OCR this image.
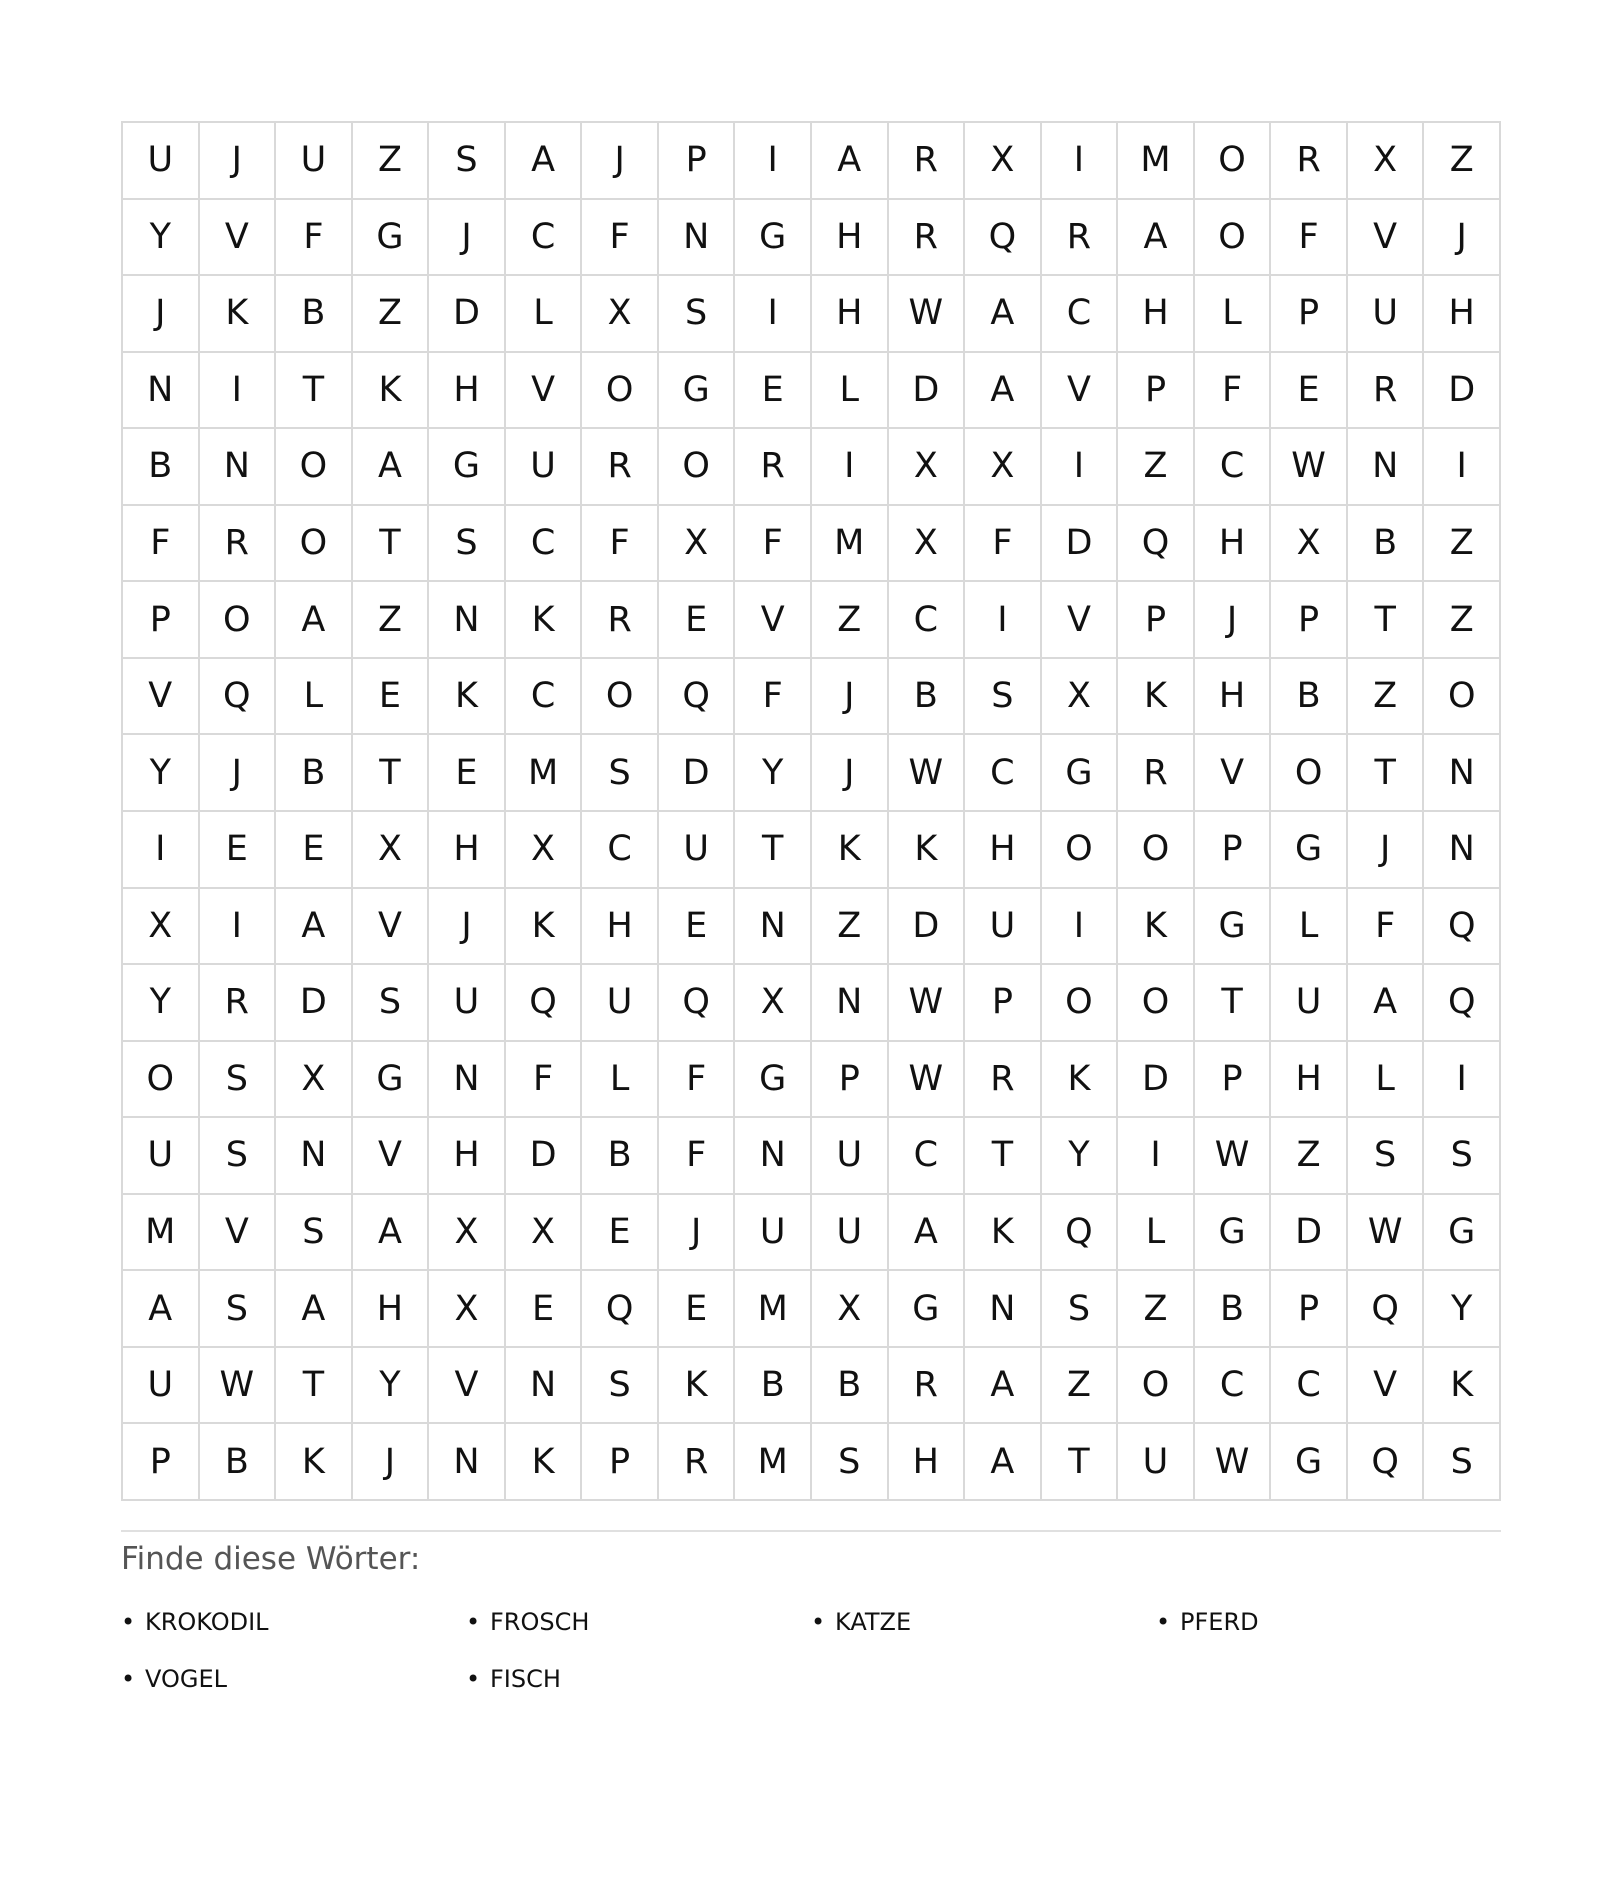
U	J	U	Z	S	A	J	P	I	A	R	X	I	M	O	R	X	Z
Y	V	F	G	J	C	F	N	G	H	R	Q	R	A	O	F	V	J
J	K	B	Z	D	L	X	S	I	H	W	A	C	H	L	P	U	H
N	I	T	K	H	V	O	G	E	L	D	A	V	P	F	E	R	D
B	N	O	A	G	U	R	O	R	I	X	X	I	Z	C	W	N	I
F	R	O	T	S	C	F	X	F	M	X	F	D	Q	H	X	B	Z
P	O	A	Z	N	K	R	E	V	Z	C	I	V	P	J	P	T	Z
V	Q	L	E	K	C	O	Q	F	J	B	S	X	K	H	B	Z	O
Y	J	B	T	E	M	S	D	Y	J	W	C	G	R	V	O	T	N
I	E	E	X	H	X	C	U	T	K	K	H	O	O	P	G	J	N
X	I	A	V	J	K	H	E	N	Z	D	U	I	K	G	L	F	Q
Y	R	D	S	U	Q	U	Q	X	N	W	P	O	O	T	U	A	Q
O	S	X	G	N	F	L	F	G	P	W	R	K	D	P	H	L	I
U	S	N	V	H	D	B	F	N	U	C	T	Y	I	W	Z	S	S
M	V	S	A	X	X	E	J	U	U	A	K	Q	L	G	D	W	G
A	S	A	H	X	E	Q	E	M	X	G	N	S	Z	B	P	Q	Y
U	W	T	Y	V	N	S	K	B	B	R	A	Z	O	C	C	V	K
P	B	K	J	N	K	P	R	M	S	H	A	T	U	W	G	Q	S
Finde diese Wörter:
• KROKODIL	• FROSCH	• KATZE	• PFERD
• VOGEL	• FISCH
